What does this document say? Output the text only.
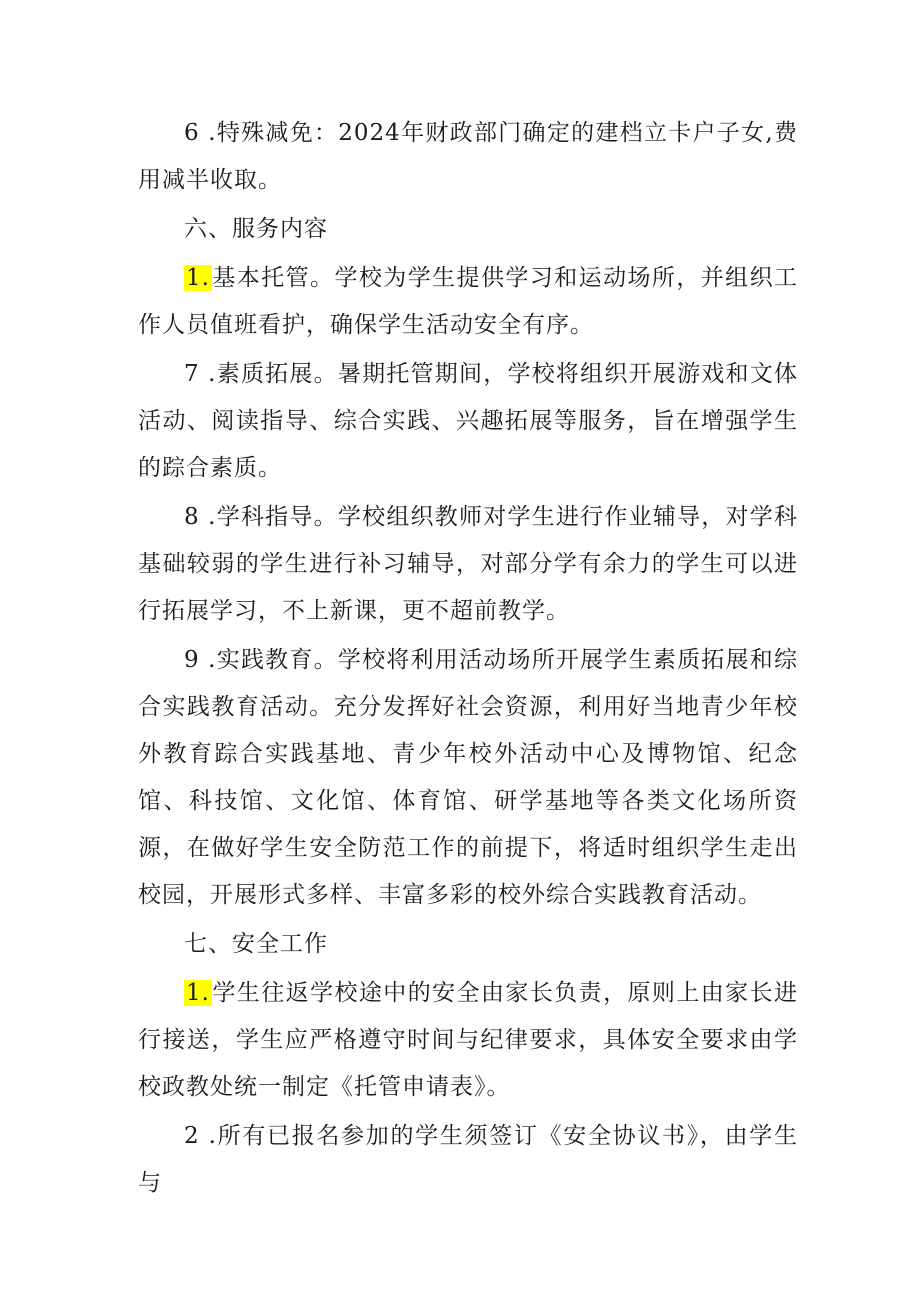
6 .特殊减免：2024年财政部门确定的建档立卡户子女,费用减半收取。

六、服务内容

1.基本托管。学校为学生提供学习和运动场所，并组织工作人员值班看护，确保学生活动安全有序。

7 .素质拓展。暑期托管期间，学校将组织开展游戏和文体活动、阅读指导、综合实践、兴趣拓展等服务，旨在增强学生的踪合素质。

8 .学科指导。学校组织教师对学生进行作业辅导，对学科基础较弱的学生进行补习辅导，对部分学有余力的学生可以进行拓展学习，不上新课，更不超前教学。

9 .实践教育。学校将利用活动场所开展学生素质拓展和综合实践教育活动。充分发挥好社会资源，利用好当地青少年校外教育踪合实践基地、青少年校外活动中心及博物馆、纪念馆、科技馆、文化馆、体育馆、研学基地等各类文化场所资源，在做好学生安全防范工作的前提下，将适时组织学生走出校园，开展形式多样、丰富多彩的校外综合实践教育活动。

七、安全工作

1.学生往返学校途中的安全由家长负责，原则上由家长进行接送，学生应严格遵守时间与纪律要求，具体安全要求由学校政教处统一制定《托管申请表》。

2 .所有已报名参加的学生须签订《安全协议书》，由学生与
